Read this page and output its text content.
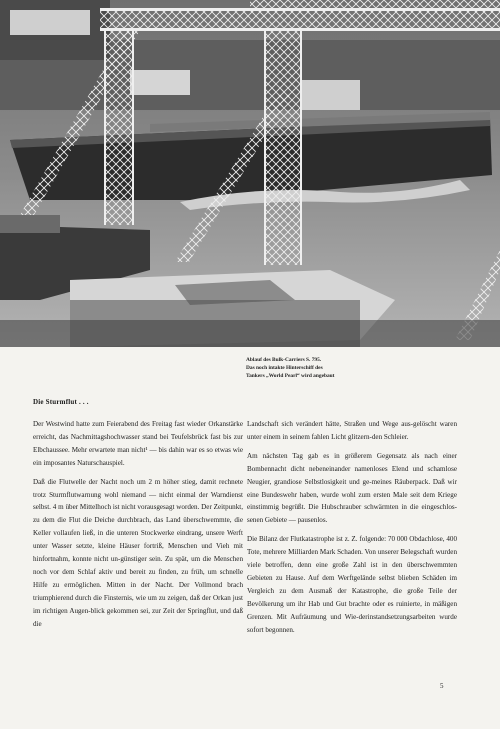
Ablauf des Bulk-Carriers S. 795.
Das noch intakte Hinterschiff des
Tankers „World Pearl“ wird angebaut
Die Sturmflut . . .

Der Westwind hatte zum Feierabend des Freitag fast wieder Orkanstärke erreicht, das Nachmittagshochwasser stand bei Teufelsbrück fast bis zur Elbchaussee. Mehr erwartete man nicht¹ — bis dahin war es so etwas wie ein imposantes Naturschauspiel.

Daß die Flutwelle der Nacht noch um 2 m höher stieg, damit rechnete trotz Sturmflutwarnung wohl niemand — nicht einmal der Warndienst selbst. 4 m über Mittelhoch ist nicht vorausgesagt worden. Der Zeitpunkt, zu dem die Flut die Deiche durchbrach, das Land überschwemmte, die Keller vollaufen ließ, in die unteren Stockwerke eindrang, unsere Werft unter Wasser setzte, kleine Häuser fortriß, Menschen und Vieh mit hinfortnahm, konnte nicht un-günstiger sein. Zu spät, um die Menschen noch vor dem Schlaf aktiv und bereit zu finden, zu früh, um schnelle Hilfe zu ermöglichen. Mitten in der Nacht. Der Vollmond brach triumphierend durch die Finsternis, wie um zu zeigen, daß der Orkan just im richtigen Augen-blick gekommen sei, zur Zeit der Springflut, und daß die

Landschaft sich verändert hätte, Straßen und Wege aus-gelöscht waren unter einem in seinem fahlen Licht glitzern-den Schleier.

Am nächsten Tag gab es in größerem Gegensatz als nach einer Bombennacht dicht nebeneinander namenloses Elend und schamlose Neugier, grandiose Selbstlosigkeit und ge-meines Räuberpack. Daß wir eine Bundeswehr haben, wurde wohl zum ersten Male seit dem Kriege einstimmig begrüßt. Die Hubschrauber schwärmten in die eingeschlos-senen Gebiete — pausenlos.

Die Bilanz der Flutkatastrophe ist z. Z. folgende: 70 000 Obdachlose, 400 Tote, mehrere Milliarden Mark Schaden. Von unserer Belegschaft wurden viele betroffen, denn eine große Zahl ist in den überschwemmten Gebieten zu Hause. Auf dem Werftgelände selbst blieben Schäden im Vergleich zu dem Ausmaß der Katastrophe, die große Teile der Bevölkerung um ihr Hab und Gut brachte oder es ruinierte, in mäßigen Grenzen. Mit Aufräumung und Wie-derinstandsetzungsarbeiten wurde sofort begonnen.

5
